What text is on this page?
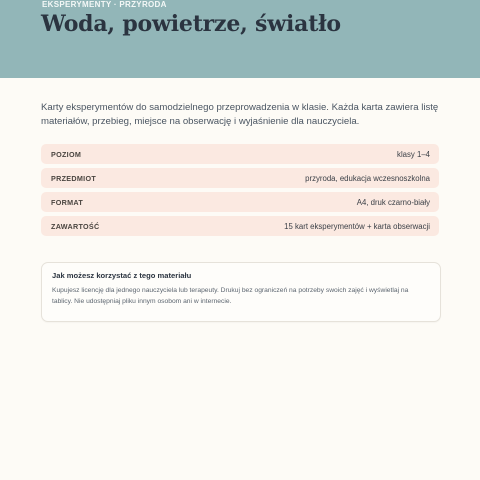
EKSPERYMENTY · PRZYRODA
Woda, powietrze, światło

Karty eksperymentów do samodzielnego przeprowadzenia w klasie. Każda karta zawiera listę materiałów, przebieg, miejsce na obserwację i wyjaśnienie dla nauczyciela.

POZIOM	klasy 1–4
PRZEDMIOT	przyroda, edukacja wczesnoszkolna
FORMAT	A4, druk czarno-biały
ZAWARTOŚĆ	15 kart eksperymentów + karta obserwacji

Jak możesz korzystać z tego materiału

Kupujesz licencję dla jednego nauczyciela lub terapeuty. Drukuj bez ograniczeń na potrzeby swoich zajęć i wyświetlaj na tablicy. Nie udostępniaj pliku innym osobom ani w internecie.
